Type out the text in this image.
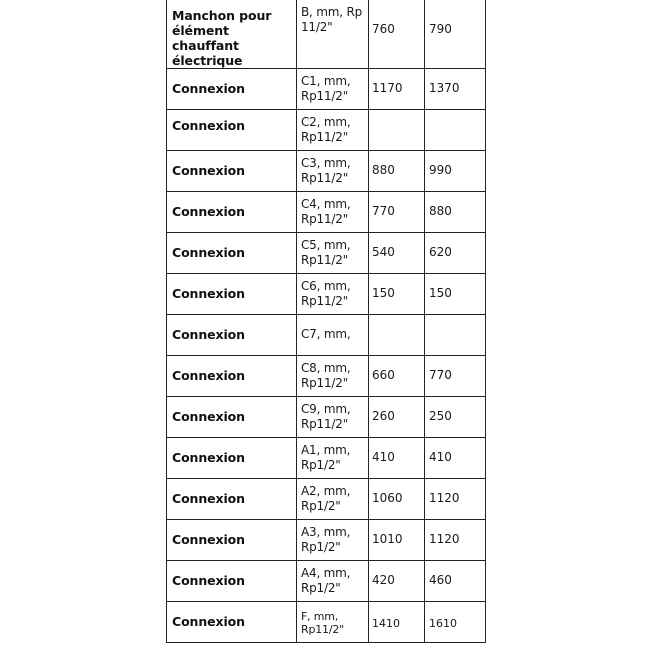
Manchon pour élément chauffant électrique	B, mm, Rp 11/2"	760	790

Connexion	C1, mm, Rp11/2"	1170	1370

Connexion	C2, mm, Rp11/2"		

Connexion	C3, mm, Rp11/2"	880	990

Connexion	C4, mm, Rp11/2"	770	880

Connexion	C5, mm, Rp11/2"	540	620

Connexion	C6, mm, Rp11/2"	150	150

Connexion	C7, mm,		

Connexion	C8, mm, Rp11/2"	660	770

Connexion	C9, mm, Rp11/2"	260	250

Connexion	A1, mm, Rp1/2"	410	410

Connexion	A2, mm, Rp1/2"	1060	1120

Connexion	A3, mm, Rp1/2"	1010	1120

Connexion	A4, mm, Rp1/2"	420	460

Connexion	F, mm, Rp11/2"	1410	1610
